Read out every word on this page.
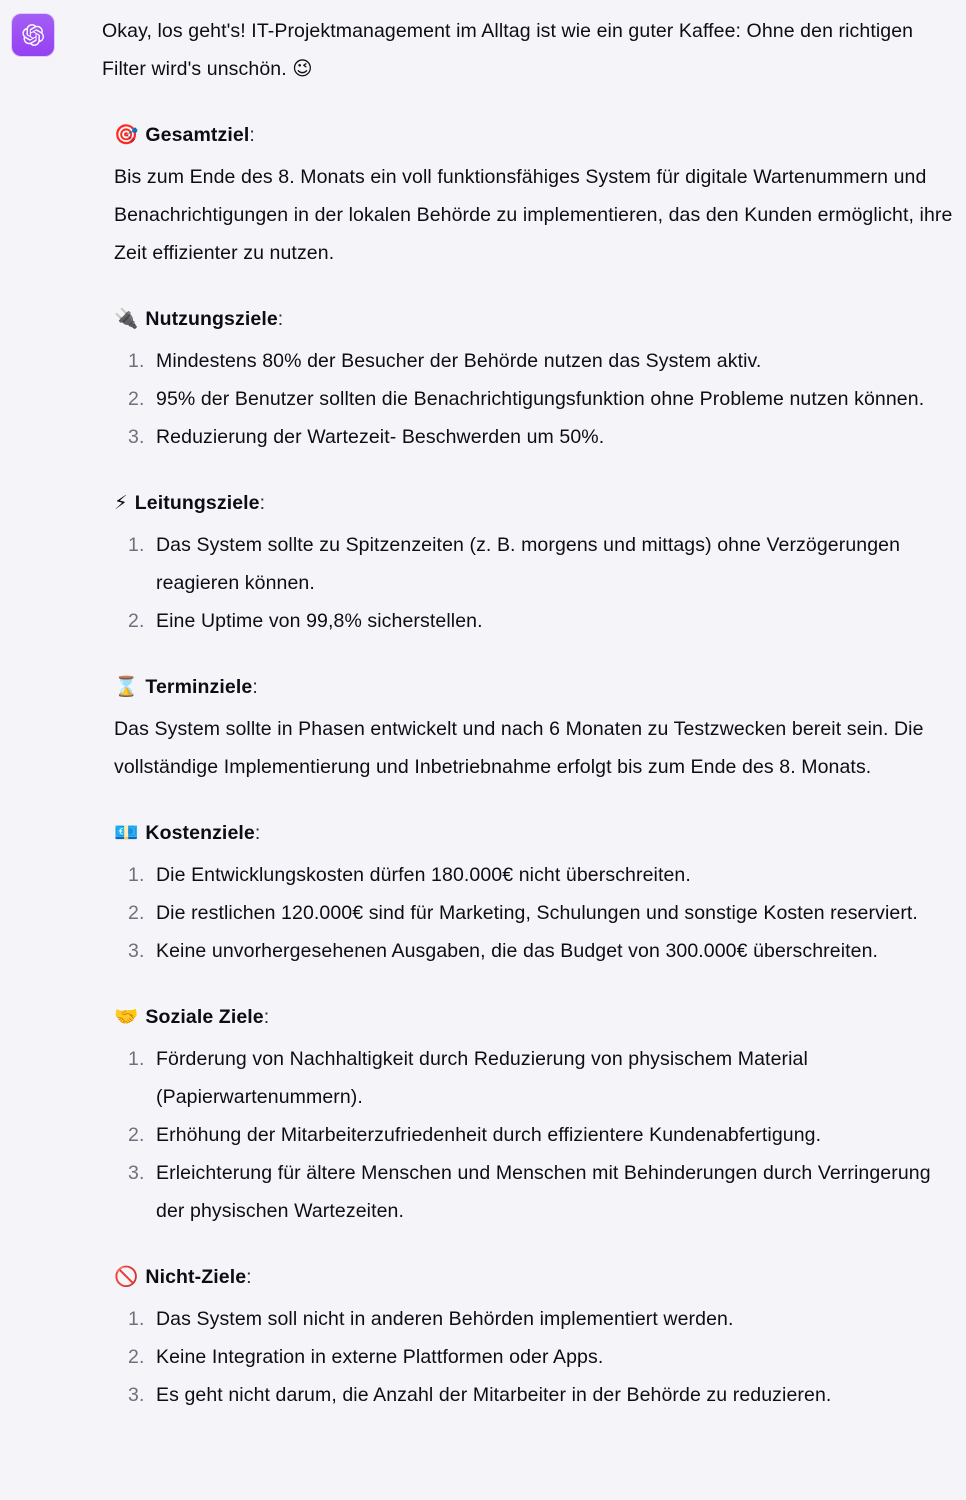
Okay, los geht's! IT-Projektmanagement im Alltag ist wie ein guter Kaffee: Ohne den richtigen Filter wird's unschön. 😉

🎯 Gesamtziel:

Bis zum Ende des 8. Monats ein voll funktionsfähiges System für digitale Wartenummern und Benachrichtigungen in der lokalen Behörde zu implementieren, das den Kunden ermöglicht, ihre Zeit effizienter zu nutzen.

🔌 Nutzungsziele:
1. Mindestens 80% der Besucher der Behörde nutzen das System aktiv.
2. 95% der Benutzer sollten die Benachrichtigungsfunktion ohne Probleme nutzen können.
3. Reduzierung der Wartezeit- Beschwerden um 50%.
⚡ Leitungsziele:
1. Das System sollte zu Spitzenzeiten (z. B. morgens und mittags) ohne Verzögerungen reagieren können.
2. Eine Uptime von 99,8% sicherstellen.
⌛ Terminziele:

Das System sollte in Phasen entwickelt und nach 6 Monaten zu Testzwecken bereit sein. Die vollständige Implementierung und Inbetriebnahme erfolgt bis zum Ende des 8. Monats.

💶 Kostenziele:
1. Die Entwicklungskosten dürfen 180.000€ nicht überschreiten.
2. Die restlichen 120.000€ sind für Marketing, Schulungen und sonstige Kosten reserviert.
3. Keine unvorhergesehenen Ausgaben, die das Budget von 300.000€ überschreiten.
🤝 Soziale Ziele:
1. Förderung von Nachhaltigkeit durch Reduzierung von physischem Material (Papierwartenummern).
2. Erhöhung der Mitarbeiterzufriedenheit durch effizientere Kundenabfertigung.
3. Erleichterung für ältere Menschen und Menschen mit Behinderungen durch Verringerung der physischen Wartezeiten.
🚫 Nicht-Ziele:
1. Das System soll nicht in anderen Behörden implementiert werden.
2. Keine Integration in externe Plattformen oder Apps.
3. Es geht nicht darum, die Anzahl der Mitarbeiter in der Behörde zu reduzieren.
